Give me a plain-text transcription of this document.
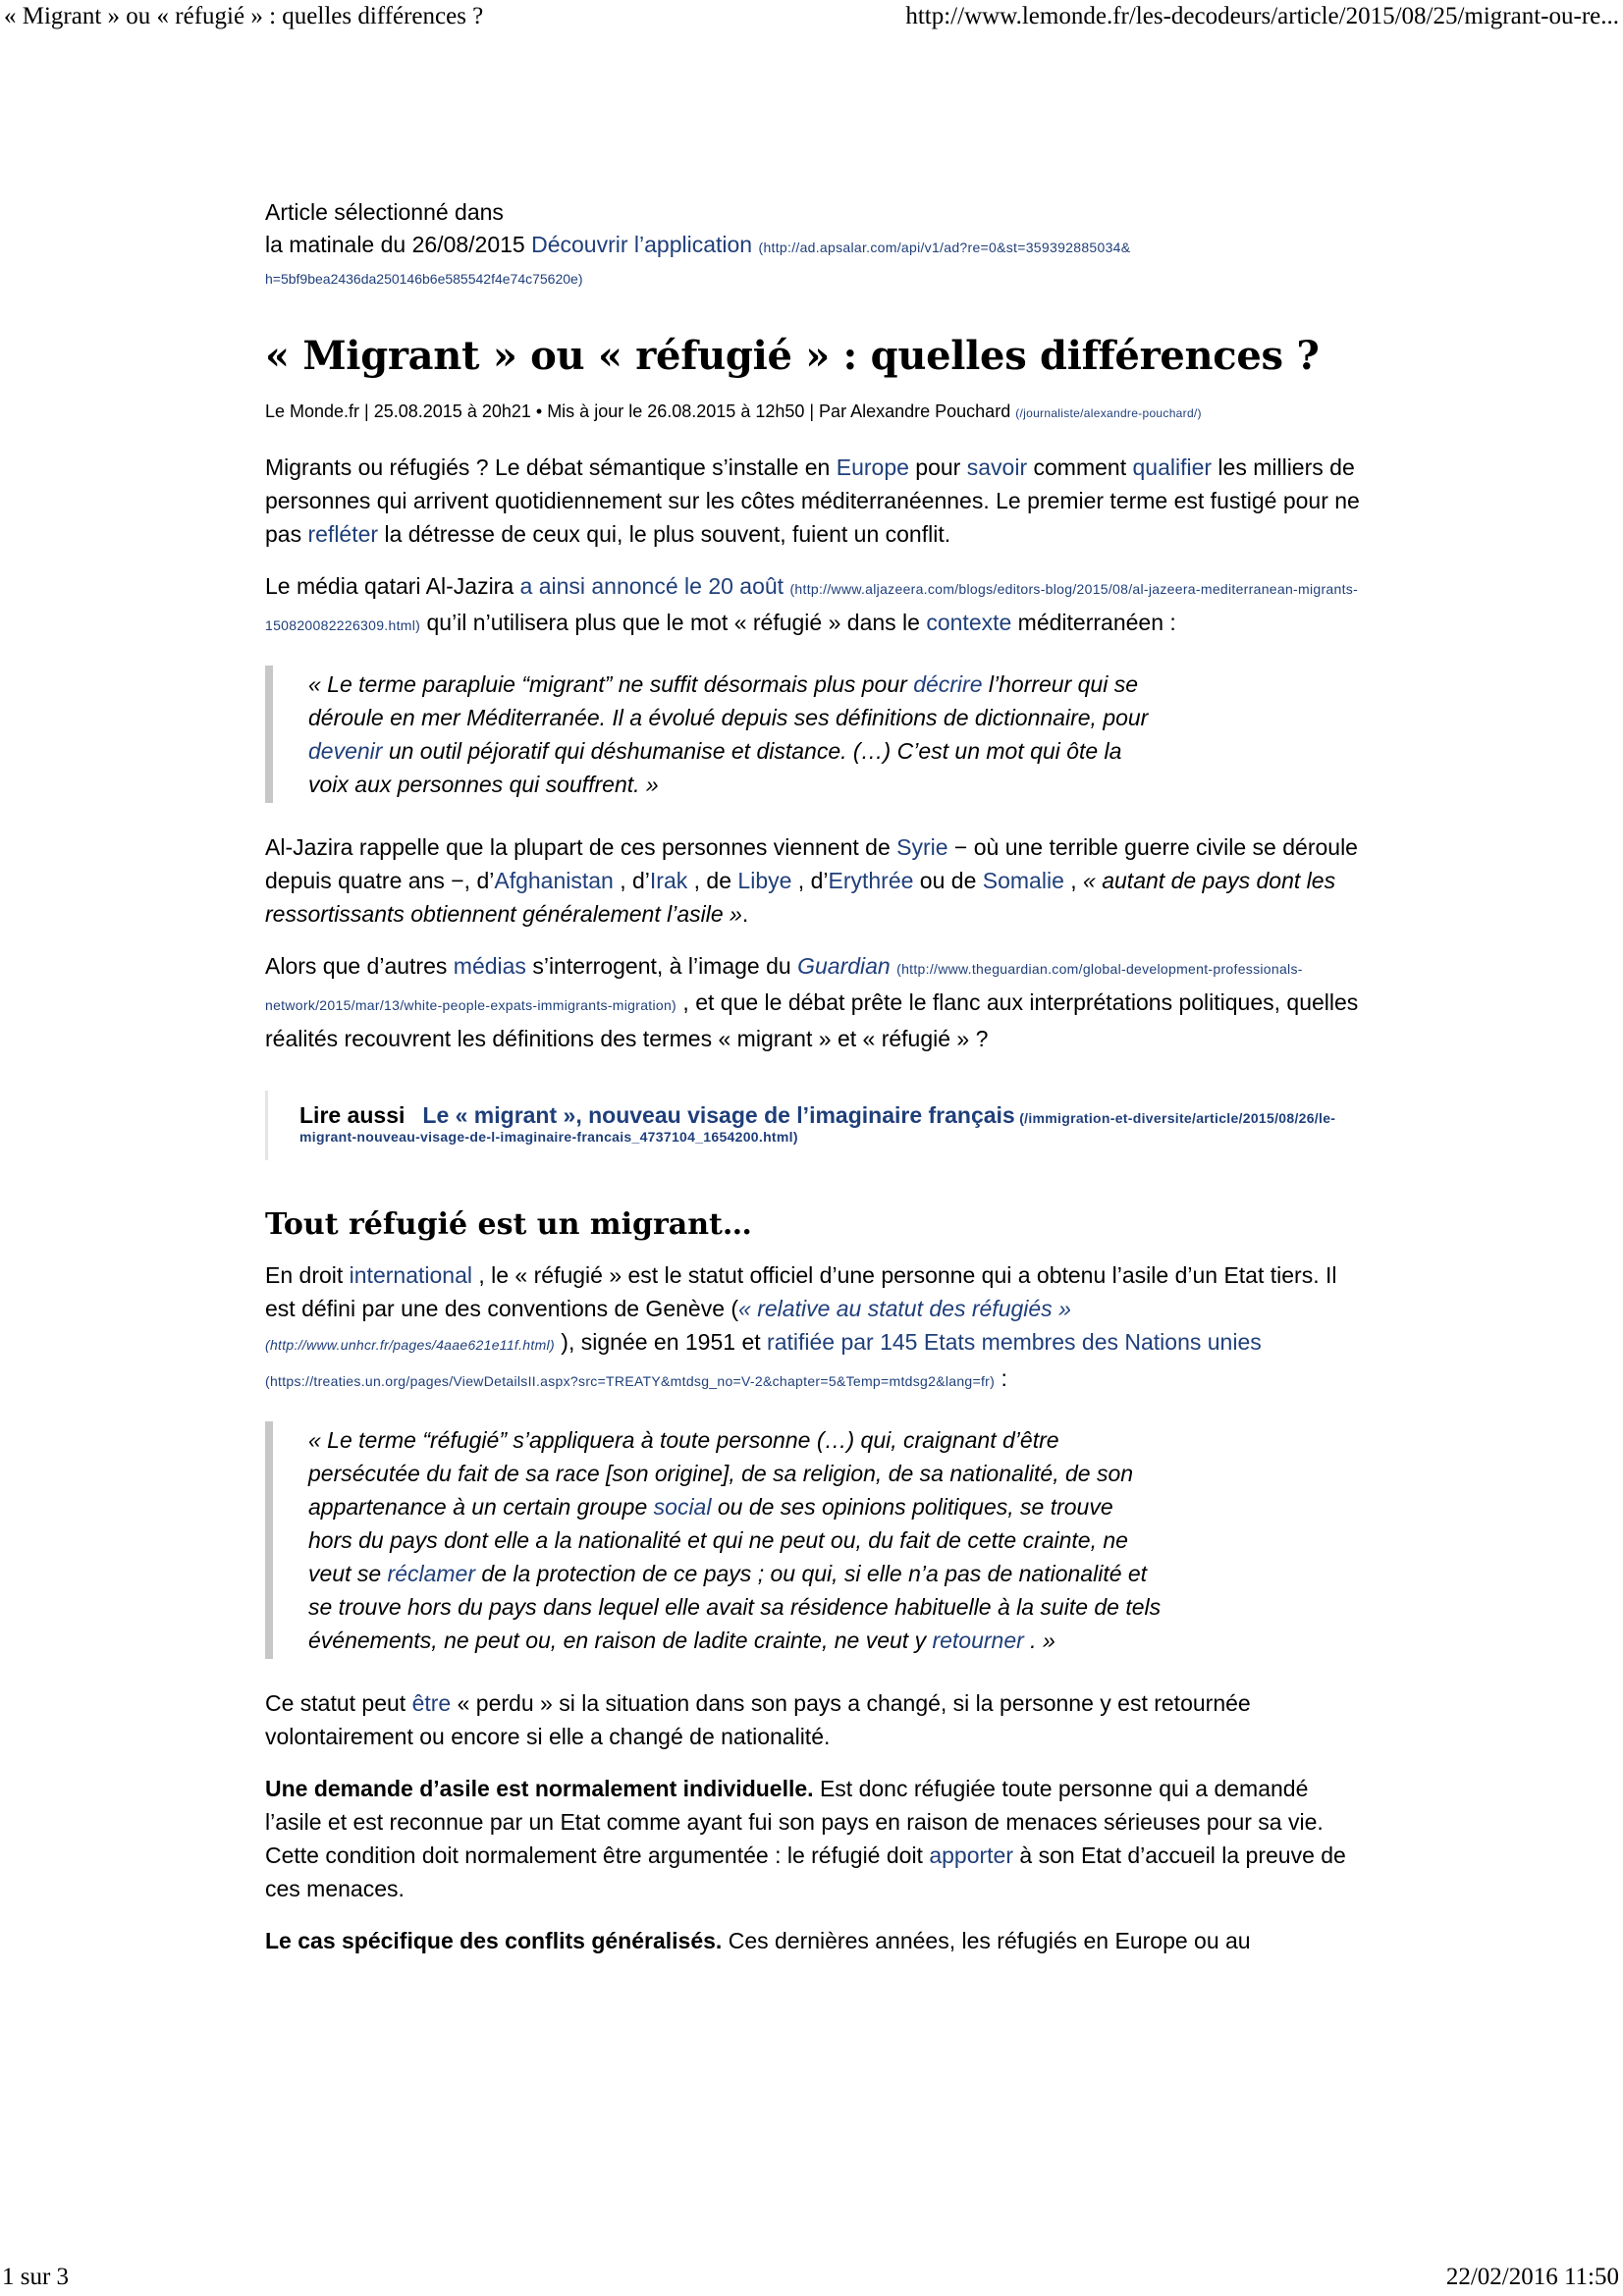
« Migrant » ou « réfugié » : quelles différences ?	http://www.lemonde.fr/les-decodeurs/article/2015/08/25/migrant-ou-re...
Article sélectionné dans
la matinale du 26/08/2015 Découvrir l’application (http://ad.apsalar.com/api/v1/ad?re=0&st=359392885034&
h=5bf9bea2436da250146b6e585542f4e74c75620e)
« Migrant » ou « réfugié » : quelles différences ?
Le Monde.fr | 25.08.2015 à 20h21 • Mis à jour le 26.08.2015 à 12h50 | Par Alexandre Pouchard (/journaliste/alexandre-pouchard/)

Migrants ou réfugiés ? Le débat sémantique s’installe en Europe pour savoir comment qualifier les milliers de personnes qui arrivent quotidiennement sur les côtes méditerranéennes. Le premier terme est fustigé pour ne pas refléter la détresse de ceux qui, le plus souvent, fuient un conflit.

Le média qatari Al-Jazira a ainsi annoncé le 20 août (http://www.aljazeera.com/blogs/editors-blog/2015/08/al-jazeera-mediterranean-migrants-150820082226309.html) qu’il n’utilisera plus que le mot « réfugié » dans le contexte méditerranéen :

« Le terme parapluie “migrant” ne suffit désormais plus pour décrire l’horreur qui se déroule en mer Méditerranée. Il a évolué depuis ses définitions de dictionnaire, pour devenir un outil péjoratif qui déshumanise et distance. (…) C’est un mot qui ôte la voix aux personnes qui souffrent. »

Al-Jazira rappelle que la plupart de ces personnes viennent de Syrie − où une terrible guerre civile se déroule depuis quatre ans −, d’Afghanistan , d’Irak , de Libye , d’Erythrée ou de Somalie , « autant de pays dont les ressortissants obtiennent généralement l’asile ».

Alors que d’autres médias s’interrogent, à l’image du Guardian (http://www.theguardian.com/global-development-professionals-network/2015/mar/13/white-people-expats-immigrants-migration) , et que le débat prête le flanc aux interprétations politiques, quelles réalités recouvrent les définitions des termes « migrant » et « réfugié » ?

Lire aussi Le « migrant », nouveau visage de l’imaginaire français (/immigration-et-diversite/article/2015/08/26/le-migrant-nouveau-visage-de-l-imaginaire-francais_4737104_1654200.html)
Tout réfugié est un migrant…

En droit international , le « réfugié » est le statut officiel d’une personne qui a obtenu l’asile d’un Etat tiers. Il est défini par une des conventions de Genève (« relative au statut des réfugiés » (http://www.unhcr.fr/pages/4aae621e11f.html) ), signée en 1951 et ratifiée par 145 Etats membres des Nations unies (https://treaties.un.org/pages/ViewDetailsII.aspx?src=TREATY&mtdsg_no=V-2&chapter=5&Temp=mtdsg2&lang=fr) :

« Le terme “réfugié” s’appliquera à toute personne (…) qui, craignant d’être persécutée du fait de sa race [son origine], de sa religion, de sa nationalité, de son appartenance à un certain groupe social ou de ses opinions politiques, se trouve hors du pays dont elle a la nationalité et qui ne peut ou, du fait de cette crainte, ne veut se réclamer de la protection de ce pays ; ou qui, si elle n’a pas de nationalité et se trouve hors du pays dans lequel elle avait sa résidence habituelle à la suite de tels événements, ne peut ou, en raison de ladite crainte, ne veut y retourner . »

Ce statut peut être « perdu » si la situation dans son pays a changé, si la personne y est retournée volontairement ou encore si elle a changé de nationalité.

Une demande d’asile est normalement individuelle. Est donc réfugiée toute personne qui a demandé l’asile et est reconnue par un Etat comme ayant fui son pays en raison de menaces sérieuses pour sa vie. Cette condition doit normalement être argumentée : le réfugié doit apporter à son Etat d’accueil la preuve de ces menaces.

Le cas spécifique des conflits généralisés. Ces dernières années, les réfugiés en Europe ou au

1 sur 3	22/02/2016 11:50
